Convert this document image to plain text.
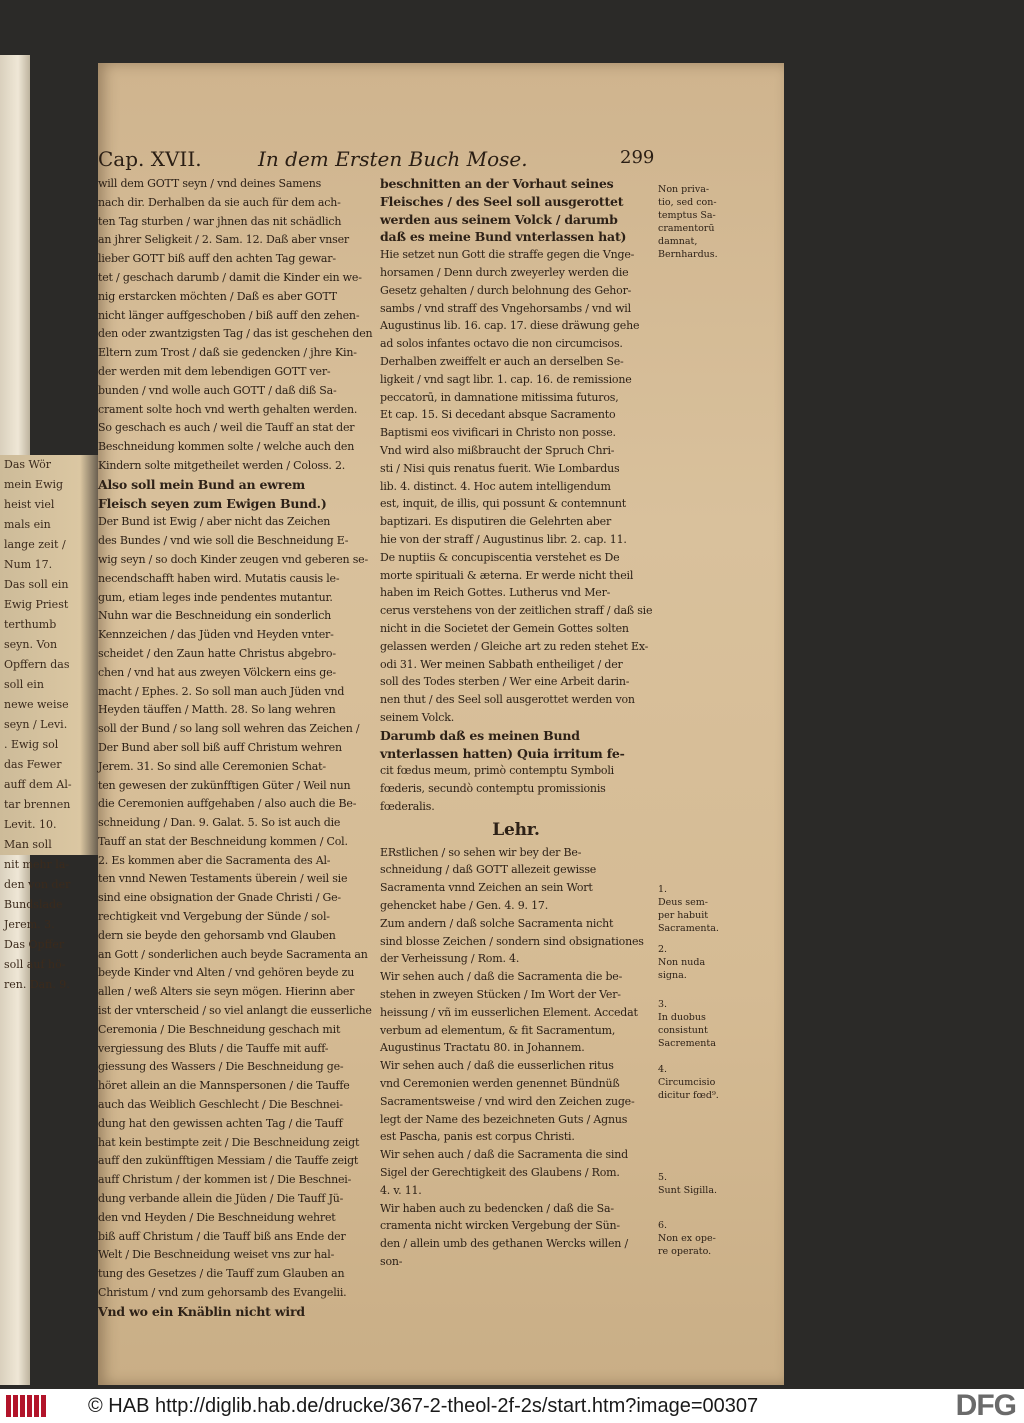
Das Wör

mein Ewig

heist viel

mals ein

lange zeit /

Num 17.

Das soll ein

Ewig Priest

terthumb

seyn. Von

Opffern das

soll ein

newe weise

seyn / Levi.

. Ewig sol

das Fewer

auff dem Al-

tar brennen

Levit. 10.

Man soll

nit mehr la-

den von der

Bundslade

Jerem. 3.

Das Opffer

soll auf hö-

ren. Dan. 9.

Cap. XVII.	In dem Ersten Buch Mose.	299

will dem GOTT seyn / vnd deines Samens

nach dir. Derhalben da sie auch für dem ach-

ten Tag sturben / war jhnen das nit schädlich

an jhrer Seligkeit / 2. Sam. 12. Daß aber vnser

lieber GOTT biß auff den achten Tag gewar-

tet / geschach darumb / damit die Kinder ein we-

nig erstarcken möchten / Daß es aber GOTT

nicht länger auffgeschoben / biß auff den zehen-

den oder zwantzigsten Tag / das ist geschehen den

Eltern zum Trost / daß sie gedencken / jhre Kin-

der werden mit dem lebendigen GOTT ver-

bunden / vnd wolle auch GOTT / daß diß Sa-

crament solte hoch vnd werth gehalten werden.

So geschach es auch / weil die Tauff an stat der

Beschneidung kommen solte / welche auch den

Kindern solte mitgetheilet werden / Coloss. 2.

Also soll mein Bund an ewrem

Fleisch seyen zum Ewigen Bund.)

Der Bund ist Ewig / aber nicht das Zeichen

des Bundes / vnd wie soll die Beschneidung E-

wig seyn / so doch Kinder zeugen vnd geberen se-

necendschafft haben wird. Mutatis causis le-

gum, etiam leges inde pendentes mutantur.

Nuhn war die Beschneidung ein sonderlich

Kennzeichen / das Jüden vnd Heyden vnter-

scheidet / den Zaun hatte Christus abgebro-

chen / vnd hat aus zweyen Völckern eins ge-

macht / Ephes. 2. So soll man auch Jüden vnd

Heyden täuffen / Matth. 28. So lang wehren

soll der Bund / so lang soll wehren das Zeichen /

Der Bund aber soll biß auff Christum wehren

Jerem. 31. So sind alle Ceremonien Schat-

ten gewesen der zukünfftigen Güter / Weil nun

die Ceremonien auffgehaben / also auch die Be-

schneidung / Dan. 9. Galat. 5. So ist auch die

Tauff an stat der Beschneidung kommen / Col.

2. Es kommen aber die Sacramenta des Al-

ten vnnd Newen Testaments überein / weil sie

sind eine obsignation der Gnade Christi / Ge-

rechtigkeit vnd Vergebung der Sünde / sol-

dern sie beyde den gehorsamb vnd Glauben

an Gott / sonderlichen auch beyde Sacramenta an

beyde Kinder vnd Alten / vnd gehören beyde zu

allen / weß Alters sie seyn mögen. Hierinn aber

ist der vnterscheid / so viel anlangt die eusserliche

Ceremonia / Die Beschneidung geschach mit

vergiessung des Bluts / die Tauffe mit auff-

giessung des Wassers / Die Beschneidung ge-

höret allein an die Mannspersonen / die Tauffe

auch das Weiblich Geschlecht / Die Beschnei-

dung hat den gewissen achten Tag / die Tauff

hat kein bestimpte zeit / Die Beschneidung zeigt

auff den zukünfftigen Messiam / die Tauffe zeigt

auff Christum / der kommen ist / Die Beschnei-

dung verbande allein die Jüden / Die Tauff Jü-

den vnd Heyden / Die Beschneidung wehret

biß auff Christum / die Tauff biß ans Ende der

Welt / Die Beschneidung weiset vns zur hal-

tung des Gesetzes / die Tauff zum Glauben an

Christum / vnd zum gehorsamb des Evangelii.

Vnd wo ein Knäblin nicht wird

beschnitten an der Vorhaut seines

Fleisches / des Seel soll ausgerottet

werden aus seinem Volck / darumb

daß es meine Bund vnterlassen hat)

Hie setzet nun Gott die straffe gegen die Vnge-

horsamen / Denn durch zweyerley werden die

Gesetz gehalten / durch belohnung des Gehor-

sambs / vnd straff des Vngehorsambs / vnd wil

Augustinus lib. 16. cap. 17. diese dräwung gehe

ad solos infantes octavo die non circumcisos.

Derhalben zweiffelt er auch an derselben Se-

ligkeit / vnd sagt libr. 1. cap. 16. de remissione

peccatorū, in damnatione mitissima futuros,

Et cap. 15. Si decedant absque Sacramento

Baptismi eos vivificari in Christo non posse.

Vnd wird also mißbraucht der Spruch Chri-

sti / Nisi quis renatus fuerit. Wie Lombardus

lib. 4. distinct. 4. Hoc autem intelligendum

est, inquit, de illis, qui possunt & contemnunt

baptizari. Es disputiren die Gelehrten aber

hie von der straff / Augustinus libr. 2. cap. 11.

De nuptiis & concupiscentia verstehet es De

morte spirituali & æterna. Er werde nicht theil

haben im Reich Gottes. Lutherus vnd Mer-

cerus verstehens von der zeitlichen straff / daß sie

nicht in die Societet der Gemein Gottes solten

gelassen werden / Gleiche art zu reden stehet Ex-

odi 31. Wer meinen Sabbath entheiliget / der

soll des Todes sterben / Wer eine Arbeit darin-

nen thut / des Seel soll ausgerottet werden von

seinem Volck.

Darumb daß es meinen Bund

vnterlassen hatten) Quia irritum fe-

cit fœdus meum, primò contemptu Symboli

fœderis, secundò contemptu promissionis

fœderalis.

Lehr.

ERstlichen / so sehen wir bey der Be-

schneidung / daß GOTT allezeit gewisse

Sacramenta vnnd Zeichen an sein Wort

gehencket habe / Gen. 4. 9. 17.

Zum andern / daß solche Sacramenta nicht

sind blosse Zeichen / sondern sind obsignationes

der Verheissung / Rom. 4.

Wir sehen auch / daß die Sacramenta die be-

stehen in zweyen Stücken / Im Wort der Ver-

heissung / vñ im eusserlichen Element. Accedat

verbum ad elementum, & fit Sacramentum,

Augustinus Tractatu 80. in Johannem.

Wir sehen auch / daß die eusserlichen ritus

vnd Ceremonien werden genennet Bündnüß

Sacramentsweise / vnd wird den Zeichen zuge-

legt der Name des bezeichneten Guts / Agnus

est Pascha, panis est corpus Christi.

Wir sehen auch / daß die Sacramenta die sind

Sigel der Gerechtigkeit des Glaubens / Rom.

4. v. 11.

Wir haben auch zu bedencken / daß die Sa-

cramenta nicht wircken Vergebung der Sün-

den / allein umb des gethanen Wercks willen /

son-

Non priva-
tio, sed con-
temptus Sa-
cramentorū
damnat,
Bernhardus.
1.
Deus sem-
per habuit
Sacramenta.
2.
Non nuda
signa.
3.
In duobus
consistunt
Sacrementa
4.
Circumcisio
dicitur fœd⁹.
5.
Sunt Sigilla.
6.
Non ex ope-
re operato.
© HAB http://diglib.hab.de/drucke/367-2-theol-2f-2s/start.htm?image=00307	DFG
